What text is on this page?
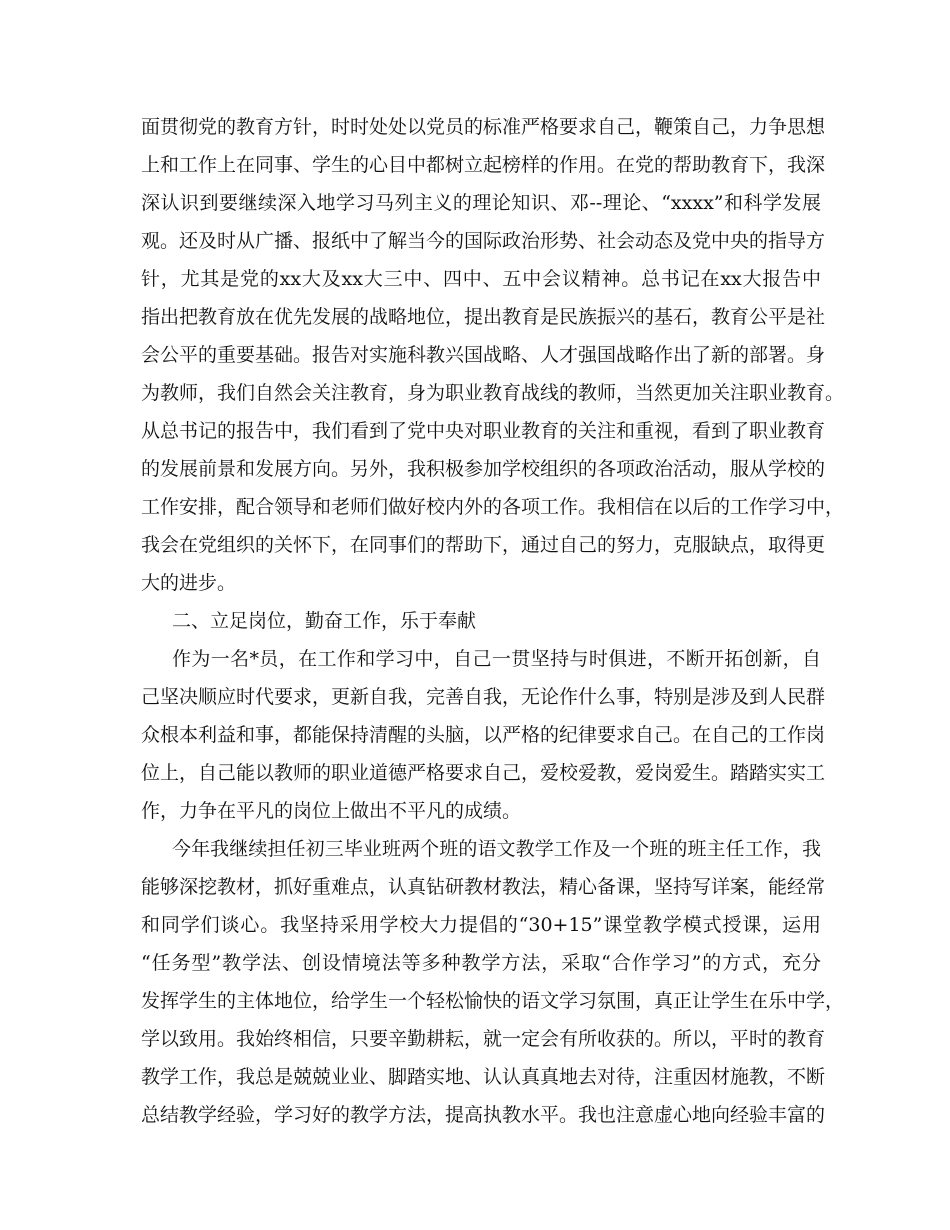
面贯彻党的教育方针，时时处处以党员的标准严格要求自己，鞭策自己，力争思想
上和工作上在同事、学生的心目中都树立起榜样的作用。在党的帮助教育下，我深
深认识到要继续深入地学习马列主义的理论知识、邓--理论、“xxxx”和科学发展
观。还及时从广播、报纸中了解当今的国际政治形势、社会动态及党中央的指导方
针，尤其是党的xx大及xx大三中、四中、五中会议精神。总书记在xx大报告中
指出把教育放在优先发展的战略地位，提出教育是民族振兴的基石，教育公平是社
会公平的重要基础。报告对实施科教兴国战略、人才强国战略作出了新的部署。身
为教师，我们自然会关注教育，身为职业教育战线的教师，当然更加关注职业教育。
从总书记的报告中，我们看到了党中央对职业教育的关注和重视，看到了职业教育
的发展前景和发展方向。另外，我积极参加学校组织的各项政治活动，服从学校的
工作安排，配合领导和老师们做好校内外的各项工作。我相信在以后的工作学习中，
我会在党组织的关怀下，在同事们的帮助下，通过自己的努力，克服缺点，取得更
大的进步。
二、立足岗位，勤奋工作，乐于奉献
作为一名*员，在工作和学习中，自己一贯坚持与时俱进，不断开拓创新，自
己坚决顺应时代要求，更新自我，完善自我，无论作什么事，特别是涉及到人民群
众根本利益和事，都能保持清醒的头脑，以严格的纪律要求自己。在自己的工作岗
位上，自己能以教师的职业道德严格要求自己，爱校爱教，爱岗爱生。踏踏实实工
作，力争在平凡的岗位上做出不平凡的成绩。
今年我继续担任初三毕业班两个班的语文教学工作及一个班的班主任工作，我
能够深挖教材，抓好重难点，认真钻研教材教法，精心备课，坚持写详案，能经常
和同学们谈心。我坚持采用学校大力提倡的“30+15”课堂教学模式授课，运用
“任务型”教学法、创设情境法等多种教学方法，采取“合作学习”的方式，充分
发挥学生的主体地位，给学生一个轻松愉快的语文学习氛围，真正让学生在乐中学，
学以致用。我始终相信，只要辛勤耕耘，就一定会有所收获的。所以，平时的教育
教学工作，我总是兢兢业业、脚踏实地、认认真真地去对待，注重因材施教，不断
总结教学经验，学习好的教学方法，提高执教水平。我也注意虚心地向经验丰富的
